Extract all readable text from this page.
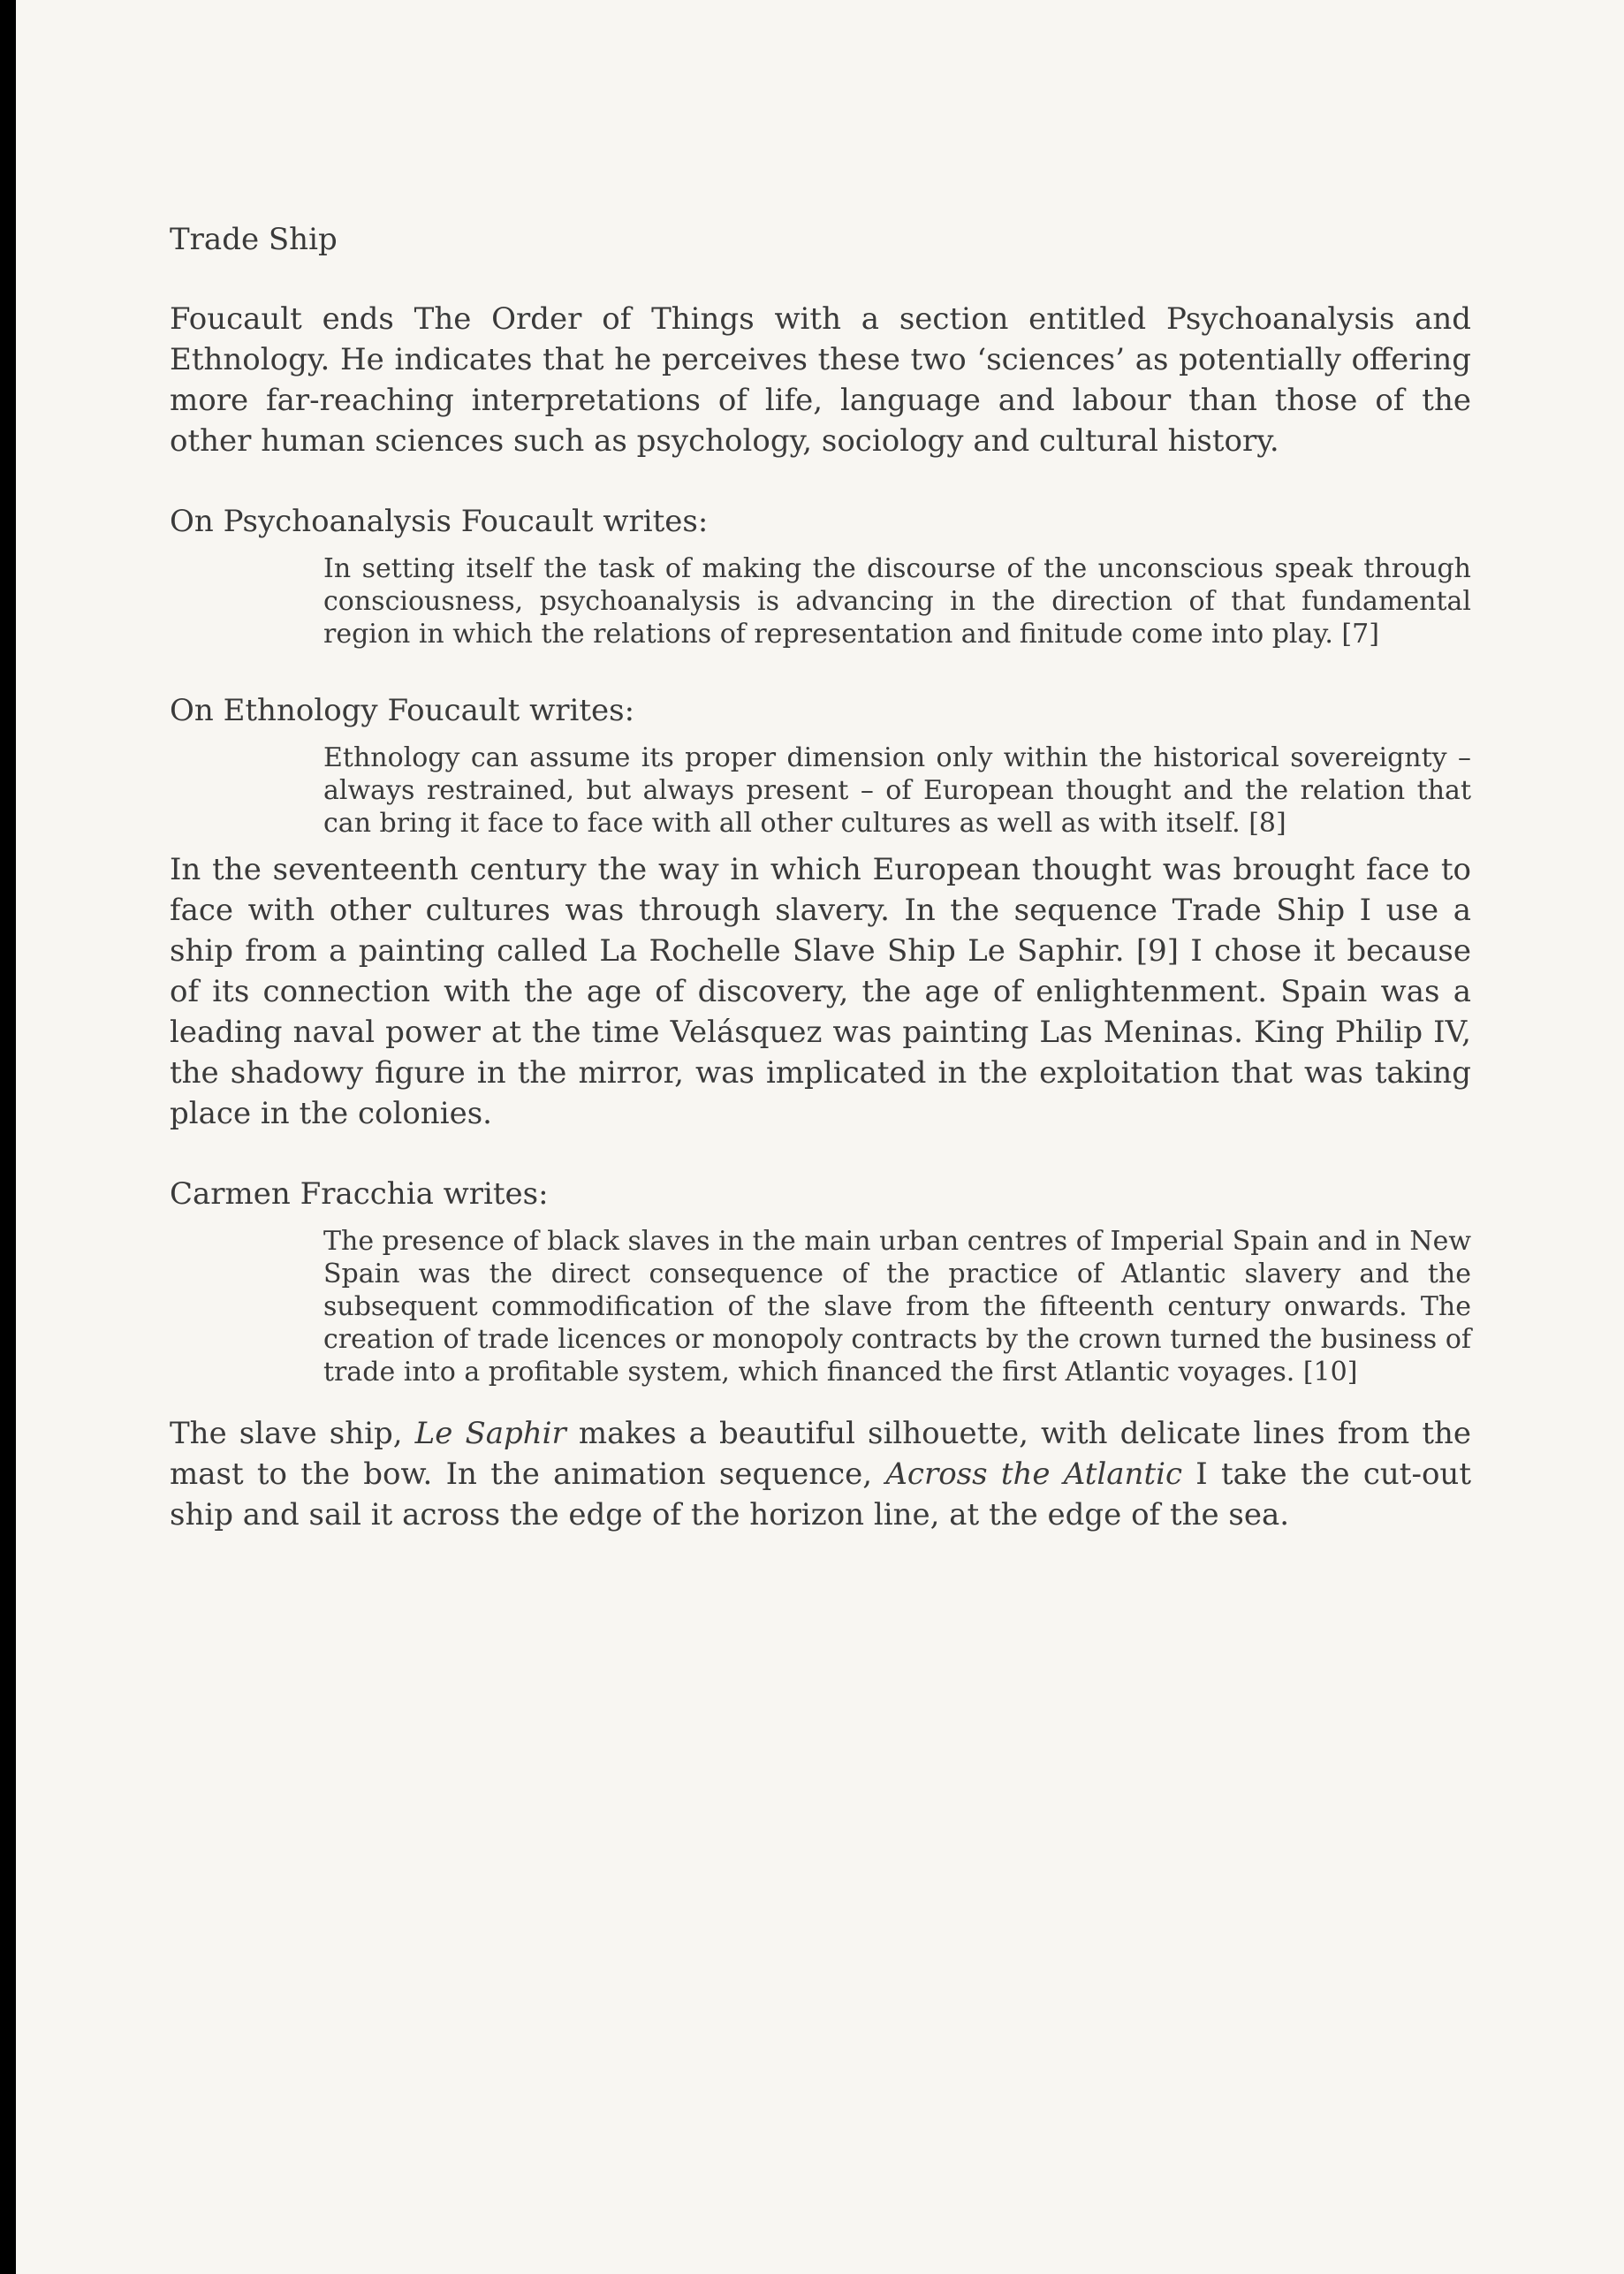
Trade Ship

Foucault ends The Order of Things with a section entitled Psychoanalysis and Ethnology. He indicates that he perceives these two ‘sciences’ as potentially offering more far-reaching interpretations of life, language and labour than those of the other human sciences such as psychology, sociology and cultural history.

On Psychoanalysis Foucault writes:

In setting itself the task of making the discourse of the unconscious speak through consciousness, psychoanalysis is advancing in the direction of that fundamental region in which the relations of representation and finitude come into play. [7]

On Ethnology Foucault writes:

Ethnology can assume its proper dimension only within the historical sovereignty – always restrained, but always present – of European thought and the relation that can bring it face to face with all other cultures as well as with itself. [8]

In the seventeenth century the way in which European thought was brought face to face with other cultures was through slavery. In the sequence Trade Ship I use a ship from a painting called La Rochelle Slave Ship Le Saphir. [9] I chose it because of its connection with the age of discovery, the age of enlightenment. Spain was a leading naval power at the time Velásquez was painting Las Meninas. King Philip IV, the shadowy figure in the mirror, was implicated in the exploitation that was taking place in the colonies.

Carmen Fracchia writes:

The presence of black slaves in the main urban centres of Imperial Spain and in New Spain was the direct consequence of the practice of Atlantic slavery and the subsequent commodification of the slave from the fifteenth century onwards. The creation of trade licences or monopoly contracts by the crown turned the business of trade into a profitable system, which financed the first Atlantic voyages. [10]

The slave ship, Le Saphir makes a beautiful silhouette, with delicate lines from the mast to the bow. In the animation sequence, Across the Atlantic I take the cut-out ship and sail it across the edge of the horizon line, at the edge of the sea.
